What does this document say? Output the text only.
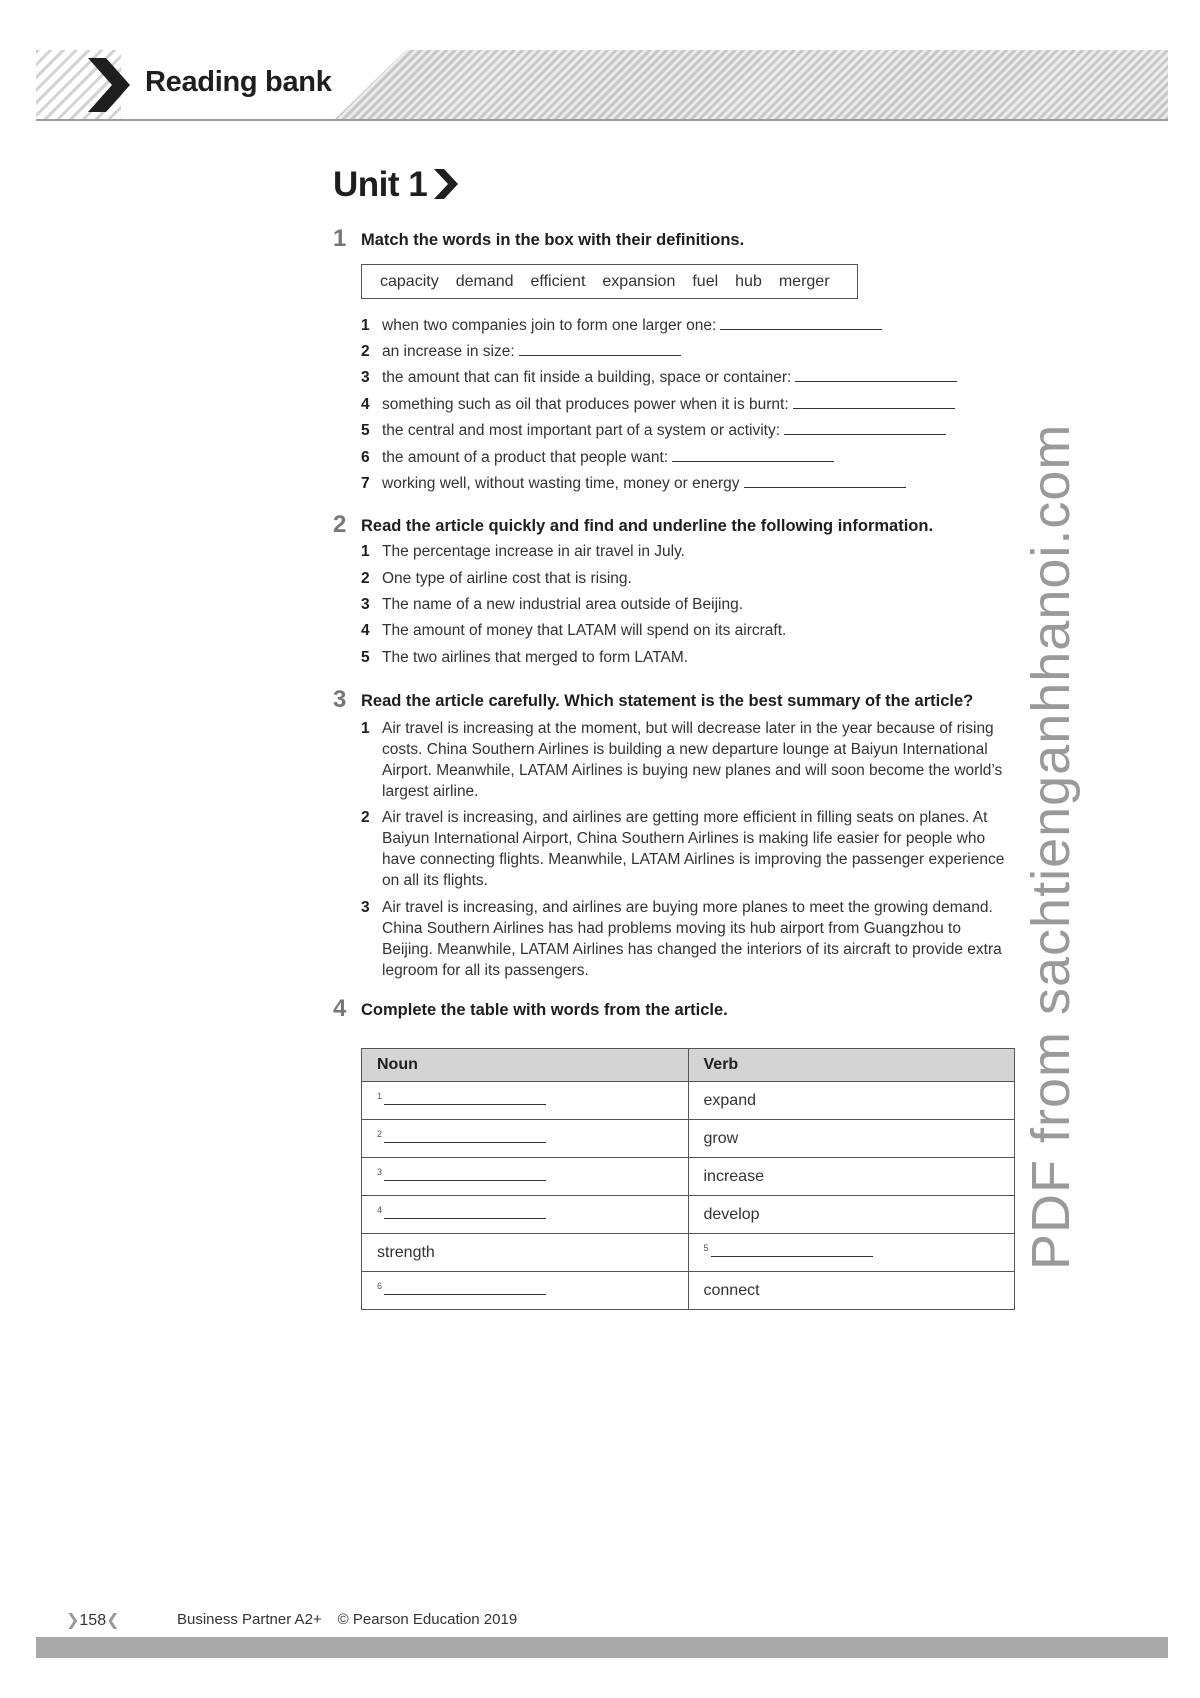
Reading bank
Unit 1
1 Match the words in the box with their definitions.
capacity demand efficient expansion fuel hub merger
1 when two companies join to form one larger one:
2 an increase in size:
3 the amount that can fit inside a building, space or container:
4 something such as oil that produces power when it is burnt:
5 the central and most important part of a system or activity:
6 the amount of a product that people want:
7 working well, without wasting time, money or energy
2 Read the article quickly and find and underline the following information.
1 The percentage increase in air travel in July.
2 One type of airline cost that is rising.
3 The name of a new industrial area outside of Beijing.
4 The amount of money that LATAM will spend on its aircraft.
5 The two airlines that merged to form LATAM.
3 Read the article carefully. Which statement is the best summary of the article?
1 Air travel is increasing at the moment, but will decrease later in the year because of rising costs. China Southern Airlines is building a new departure lounge at Baiyun International Airport. Meanwhile, LATAM Airlines is buying new planes and will soon become the world’s largest airline.
2 Air travel is increasing, and airlines are getting more efficient in filling seats on planes. At Baiyun International Airport, China Southern Airlines is making life easier for people who have connecting flights. Meanwhile, LATAM Airlines is improving the passenger experience on all its flights.
3 Air travel is increasing, and airlines are buying more planes to meet the growing demand. China Southern Airlines has had problems moving its hub airport from Guangzhou to Beijing. Meanwhile, LATAM Airlines has changed the interiors of its aircraft to provide extra legroom for all its passengers.
4 Complete the table with words from the article.
Noun	Verb
$^1$	expand
$^2$	grow
$^3$	increase
$^4$	develop
strength	$^5$
$^6$	connect
PDF from sachtienganhhanoi.com
❯158❮	Business Partner A2+ © Pearson Education 2019
